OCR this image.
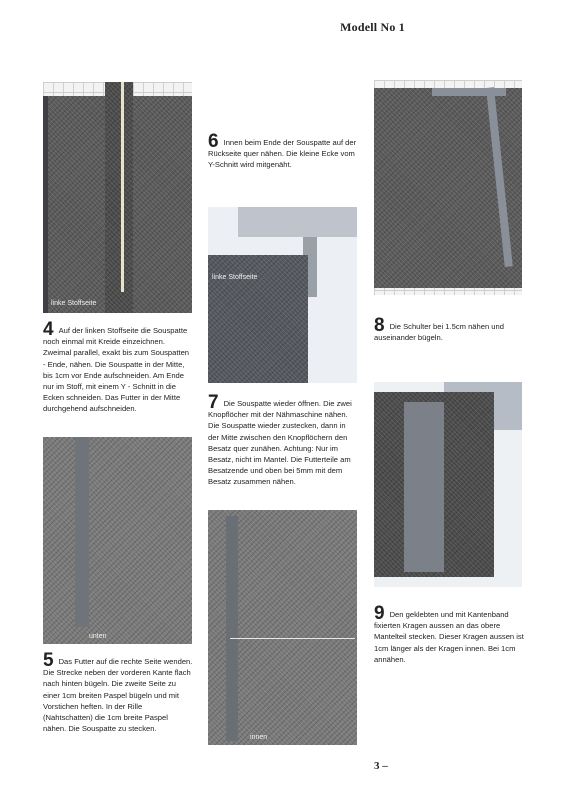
Modell No 1
linke Stoffseite
4 Auf der linken Stoffseite die Souspatte noch einmal mit Kreide einzeichnen. Zweimal parallel, exakt bis zum Souspatten - Ende, nähen. Die Souspatte in der Mitte, bis 1cm vor Ende aufschneiden. Am Ende nur im Stoff, mit einem Y - Schnitt in die Ecken schneiden. Das Futter in der Mitte durchgehend aufschneiden.
unten
5 Das Futter auf die rechte Seite wenden. Die Strecke neben der vorderen Kante flach nach hinten bügeln. Die zweite Seite zu einer 1cm breiten Paspel bügeln und mit Vorstichen heften. In der Rille (Nahtschatten) die 1cm breite Paspel nähen. Die Souspatte zu stecken.
6 Innen beim Ende der Souspatte auf der Rückseite quer nähen. Die kleine Ecke vom Y-Schnitt wird mitgenäht.
linke Stoffseite
7 Die Souspatte wieder öffnen. Die zwei Knopflöcher mit der Nähmaschine nähen. Die Souspatte wieder zustecken, dann in der Mitte zwischen den Knopflöchern den Besatz quer zunähen. Achtung: Nur im Besatz, nicht im Mantel. Die Futterteile am Besatzende und oben bei 5mm mit dem Besatz zusammen nähen.
innen
8 Die Schulter bei 1.5cm nähen und auseinander bügeln.
9 Den geklebten und mit Kantenband fixierten Kragen aussen an das obere Mantelteil stecken. Dieser Kragen aussen ist 1cm länger als der Kragen innen. Bei 1cm annähen.
3 –
